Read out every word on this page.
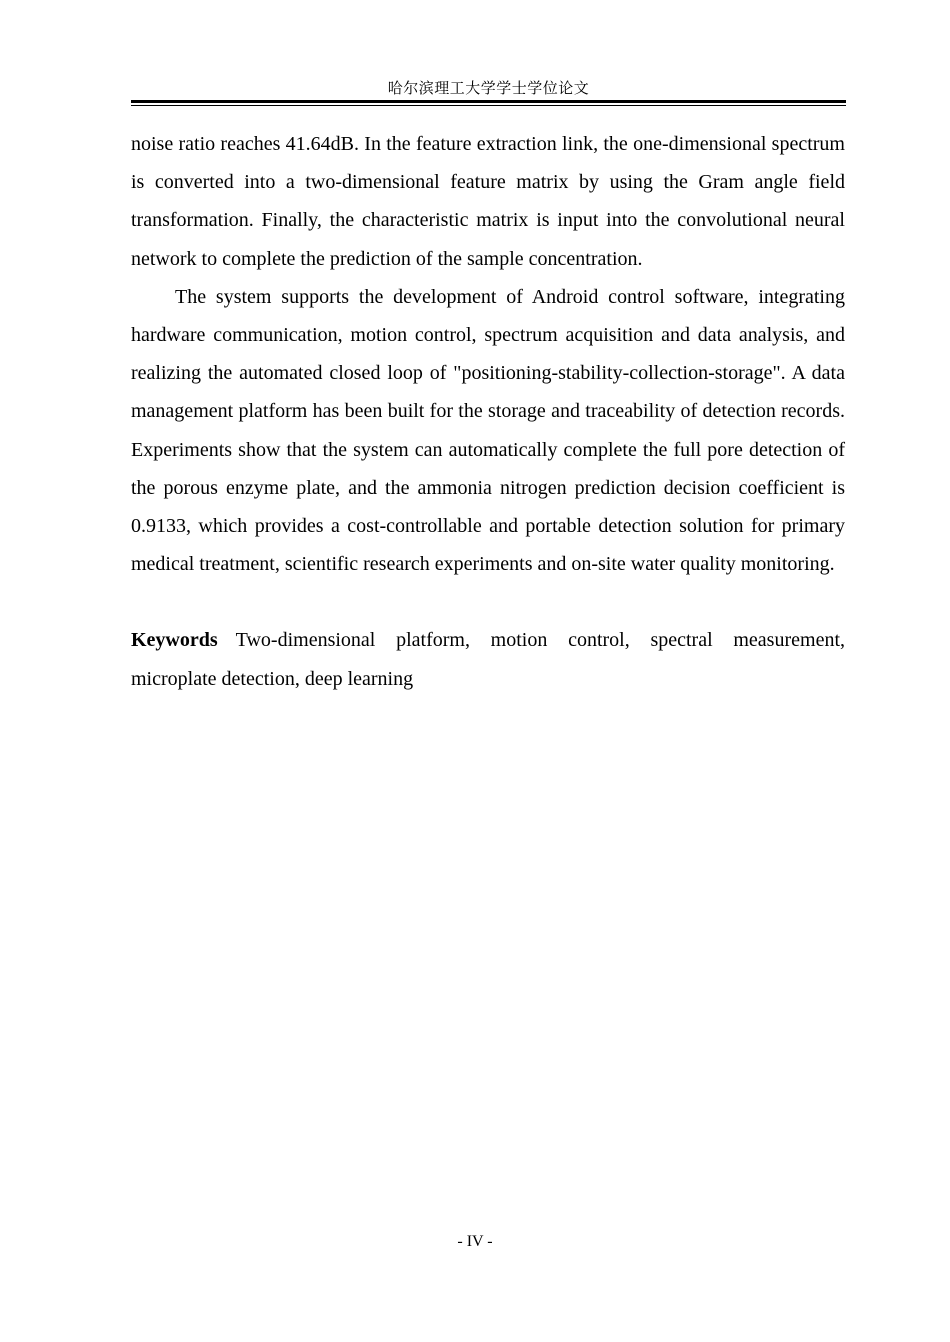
哈尔滨理工大学学士学位论文

noise ratio reaches 41.64dB. In the feature extraction link, the one-dimensional spectrum is converted into a two-dimensional feature matrix by using the Gram angle field transformation. Finally, the characteristic matrix is input into the convolutional neural network to complete the prediction of the sample concentration.

The system supports the development of Android control software, integrating hardware communication, motion control, spectrum acquisition and data analysis, and realizing the automated closed loop of "positioning-stability-collection-storage". A data management platform has been built for the storage and traceability of detection records. Experiments show that the system can automatically complete the full pore detection of the porous enzyme plate, and the ammonia nitrogen prediction decision coefficient is 0.9133, which provides a cost-controllable and portable detection solution for primary medical treatment, scientific research experiments and on-site water quality monitoring.

Keywords Two-dimensional platform, motion control, spectral measurement, microplate detection, deep learning

- IV -
